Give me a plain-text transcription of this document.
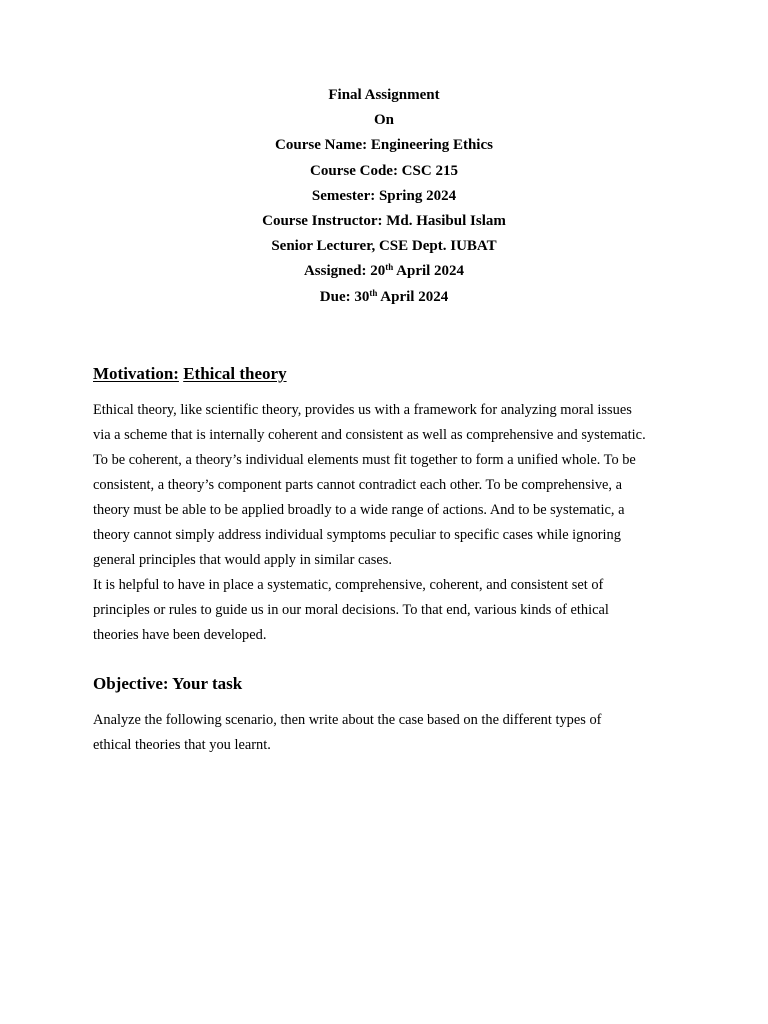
Final Assignment
On
Course Name: Engineering Ethics
Course Code: CSC 215
Semester: Spring 2024
Course Instructor: Md. Hasibul Islam
Senior Lecturer, CSE Dept. IUBAT
Assigned: 20th April 2024
Due: 30th April 2024
Motivation: Ethical theory

Ethical theory, like scientific theory, provides us with a framework for analyzing moral issues
via a scheme that is internally coherent and consistent as well as comprehensive and systematic.
To be coherent, a theory’s individual elements must fit together to form a unified whole. To be
consistent, a theory’s component parts cannot contradict each other. To be comprehensive, a
theory must be able to be applied broadly to a wide range of actions. And to be systematic, a
theory cannot simply address individual symptoms peculiar to specific cases while ignoring
general principles that would apply in similar cases.

It is helpful to have in place a systematic, comprehensive, coherent, and consistent set of
principles or rules to guide us in our moral decisions. To that end, various kinds of ethical
theories have been developed.

Objective: Your task

Analyze the following scenario, then write about the case based on the different types of
ethical theories that you learnt.
